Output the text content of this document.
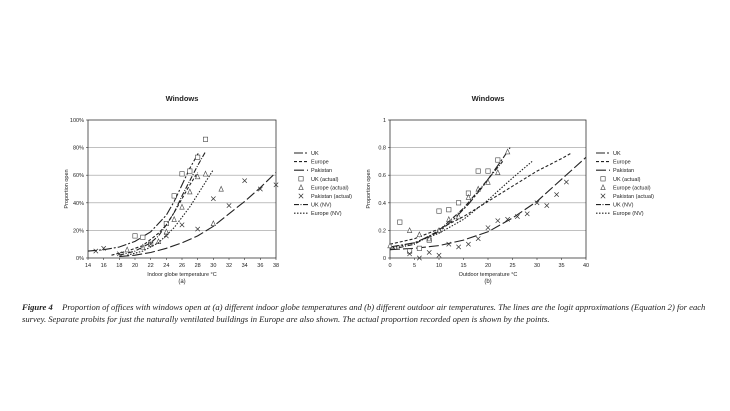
Windows
0%
20%
40%
60%
80%
100%
14 16 18 20 22 24 26 28 30 32 34 36 38
Indoor globe temperature °C
Proportion open
(a)
UK
Europe
Pakistan
UK (actual)
Europe (actual)
Pakistan (actual)
UK (NV)
Europe (NV)
Windows
0
0.2
0.4
0.6
0.8
1
0	5	10	15	20	25	30	35	40
Outdoor temperature °C
Proportion open
(b)
UK
Europe
Pakistan
UK (actual)
Europe (actual)
Pakistan (actual)
UK (NV)
Europe (NV)
Figure 4 Proportion of offices with windows open at (a) different indoor globe temperatures and (b) different outdoor air temperatures. The lines are the logit approximations (Equation 2) for each survey. Separate probits for just the naturally ventilated buildings in Europe are also shown. The actual proportion recorded open is shown by the points.
